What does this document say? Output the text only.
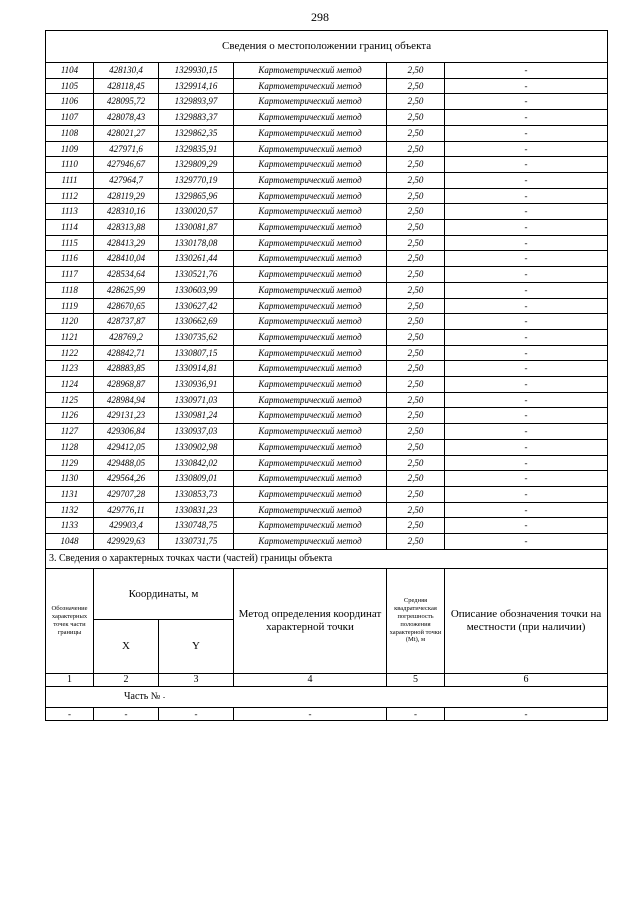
298
Сведения о местоположении границ объекта					
1104	428130,4	1329930,15	Картометрический метод	2,50	-
1105	428118,45	1329914,16	Картометрический метод	2,50	-
1106	428095,72	1329893,97	Картометрический метод	2,50	-
1107	428078,43	1329883,37	Картометрический метод	2,50	-
1108	428021,27	1329862,35	Картометрический метод	2,50	-
1109	427971,6	1329835,91	Картометрический метод	2,50	-
1110	427946,67	1329809,29	Картометрический метод	2,50	-
1111	427964,7	1329770,19	Картометрический метод	2,50	-
1112	428119,29	1329865,96	Картометрический метод	2,50	-
1113	428310,16	1330020,57	Картометрический метод	2,50	-
1114	428313,88	1330081,87	Картометрический метод	2,50	-
1115	428413,29	1330178,08	Картометрический метод	2,50	-
1116	428410,04	1330261,44	Картометрический метод	2,50	-
1117	428534,64	1330521,76	Картометрический метод	2,50	-
1118	428625,99	1330603,99	Картометрический метод	2,50	-
1119	428670,65	1330627,42	Картометрический метод	2,50	-
1120	428737,87	1330662,69	Картометрический метод	2,50	-
1121	428769,2	1330735,62	Картометрический метод	2,50	-
1122	428842,71	1330807,15	Картометрический метод	2,50	-
1123	428883,85	1330914,81	Картометрический метод	2,50	-
1124	428968,87	1330936,91	Картометрический метод	2,50	-
1125	428984,94	1330971,03	Картометрический метод	2,50	-
1126	429131,23	1330981,24	Картометрический метод	2,50	-
1127	429306,84	1330937,03	Картометрический метод	2,50	-
1128	429412,05	1330902,98	Картометрический метод	2,50	-
1129	429488,05	1330842,02	Картометрический метод	2,50	-
1130	429564,26	1330809,01	Картометрический метод	2,50	-
1131	429707,28	1330853,73	Картометрический метод	2,50	-
1132	429776,11	1330831,23	Картометрический метод	2,50	-
1133	429903,4	1330748,75	Картометрический метод	2,50	-
1048	429929,63	1330731,75	Картометрический метод	2,50	-
3. Сведения о характерных точках части (частей) границы объекта					
Обозначение характерных точек части границы	Координаты, м		Метод определения координат характерной точки	Средняя квадратическая погрешность положения характерной точки (Mt), м	Описание обозначения точки на местности (при наличии)
	X	Y			
1	2	3	4	5	6
Часть № -					
-	-	-	-	-	-
